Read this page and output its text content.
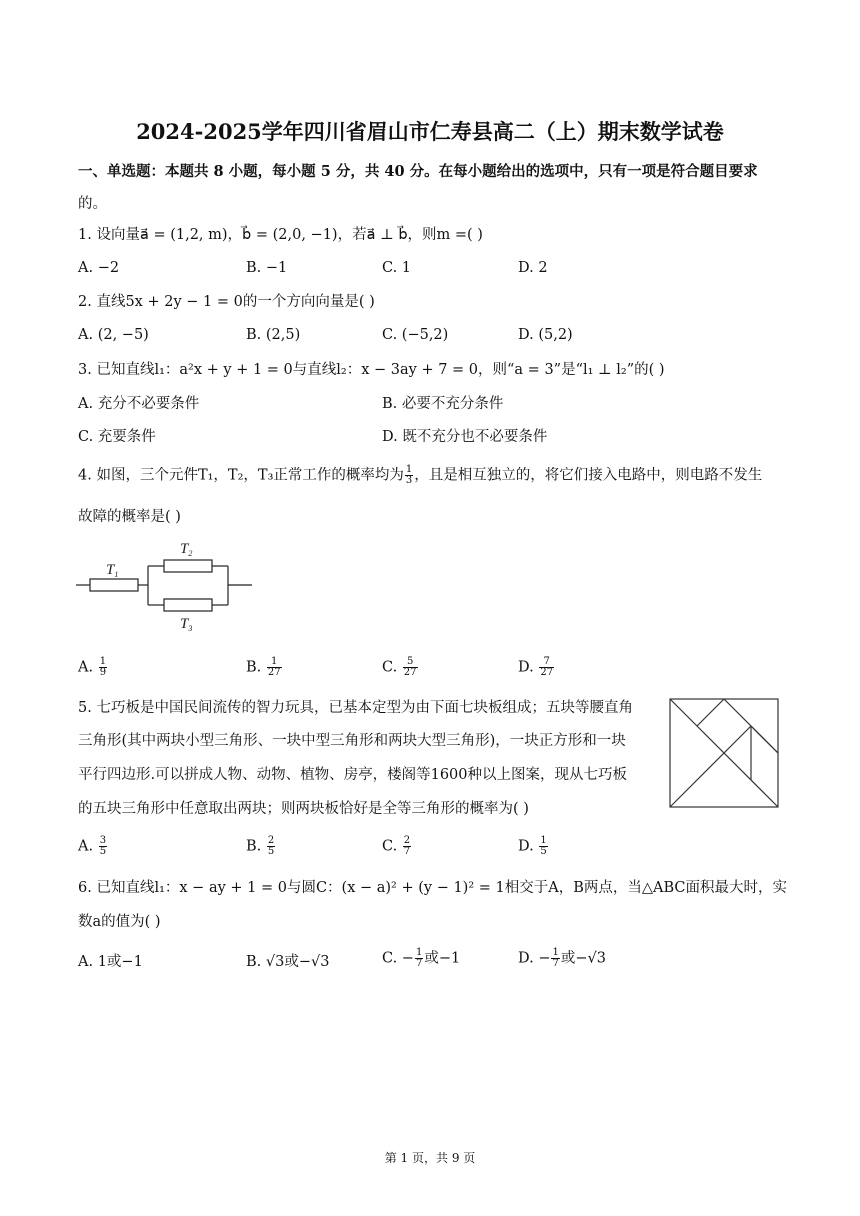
2024-2025学年四川省眉山市仁寿县高二（上）期末数学试卷
一、单选题：本题共 8 小题，每小题 5 分，共 40 分。在每小题给出的选项中，只有一项是符合题目要求
的。
1. 设向量a⃗ = (1,2, m)，b⃗ = (2,0, −1)，若a⃗ ⊥ b⃗，则m =( )
A. −2	B. −1	C. 1	D. 2
2. 直线5x + 2y − 1 = 0的一个方向向量是( )
A. (2, −5)	B. (2,5)	C. (−5,2)	D. (5,2)
3. 已知直线l₁：a²x + y + 1 = 0与直线l₂：x − 3ay + 7 = 0，则“a = 3”是“l₁ ⊥ l₂”的( )
A. 充分不必要条件	B. 必要不充分条件
C. 充要条件	D. 既不充分也不必要条件
4. 如图，三个元件T₁，T₂，T₃正常工作的概率均为 $\frac{1}{3}$ ，且是相互独立的，将它们接入电路中，则电路不发生
故障的概率是( )
$T_1$
$T_2$
$T_3$
A. $\frac{1}{9}$	B. $\frac{1}{27}$	C. $\frac{5}{27}$	D. $\frac{7}{27}$
5. 七巧板是中国民间流传的智力玩具，已基本定型为由下面七块板组成；五块等腰直角
三角形(其中两块小型三角形、一块中型三角形和两块大型三角形)，一块正方形和一块
平行四边形.可以拼成人物、动物、植物、房亭，楼阁等1600种以上图案，现从七巧板
的五块三角形中任意取出两块；则两块板恰好是全等三角形的概率为( )
A. $\frac{3}{5}$	B. $\frac{2}{5}$	C. $\frac{2}{7}$	D. $\frac{1}{5}$
6. 已知直线l₁：x − ay + 1 = 0与圆C：(x − a)² + (y − 1)² = 1相交于A，B两点，当△ABC面积最大时，实
数a的值为( )
A. 1或−1	B. √3或−√3	C. − $\frac{1}{7}$ 或−1	D. − $\frac{1}{7}$ 或−√3
第 1 页，共 9 页
